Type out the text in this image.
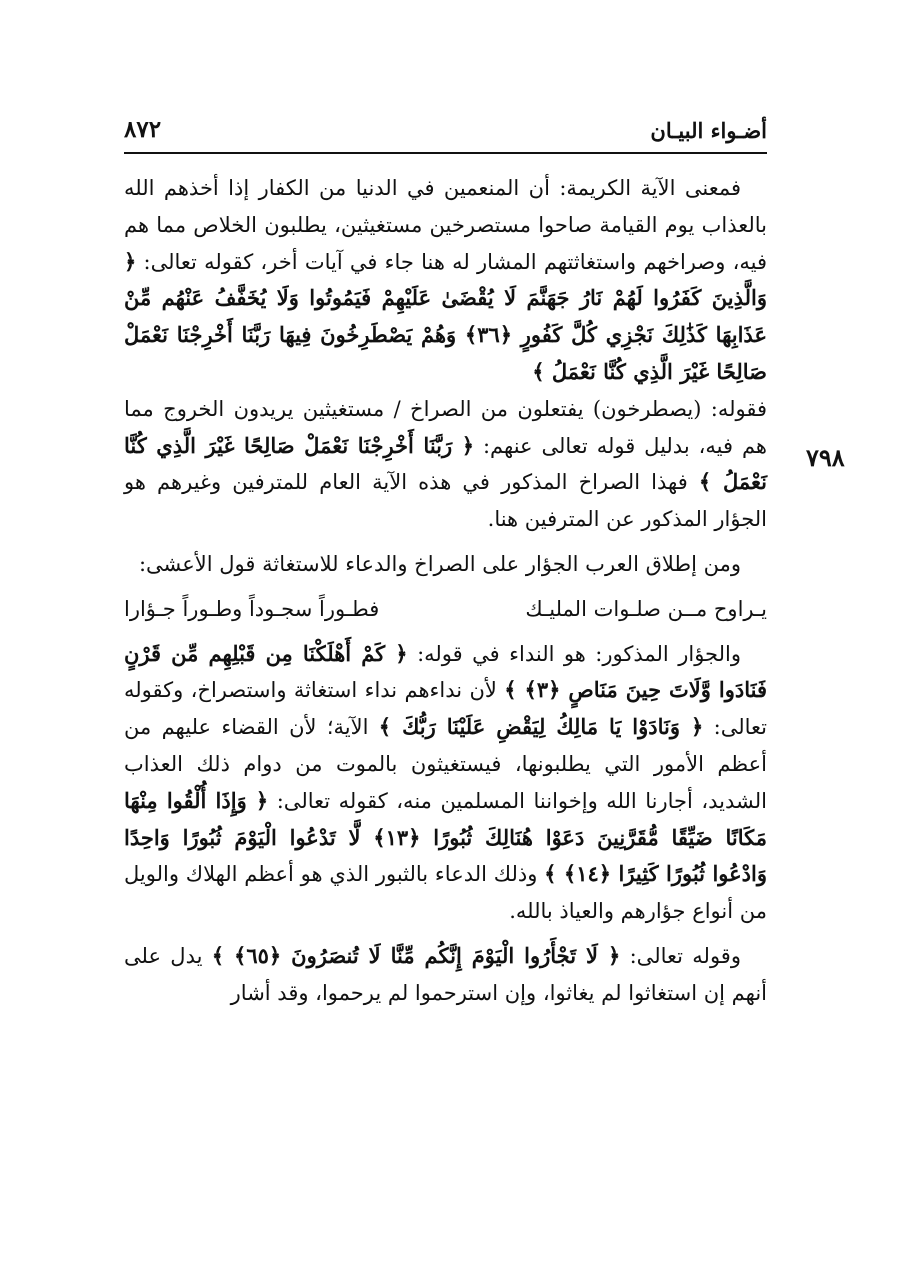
أضـواء البيـان
٨٧٢
٧٩٨

فمعنى الآية الكريمة: أن المنعمين في الدنيا من الكفار إذا أخذهم الله بالعذاب يوم القيامة صاحوا مستصرخين مستغيثين، يطلبون الخلاص مما هم فيه، وصراخهم واستغاثتهم المشار له هنا جاء في آيات أخر، كقوله تعالى: ﴿ وَالَّذِينَ كَفَرُوا لَهُمْ نَارُ جَهَنَّمَ لَا يُقْضَىٰ عَلَيْهِمْ فَيَمُوتُوا وَلَا يُخَفَّفُ عَنْهُم مِّنْ عَذَابِهَا كَذَٰلِكَ نَجْزِي كُلَّ كَفُورٍ ﴿٣٦﴾ وَهُمْ يَصْطَرِخُونَ فِيهَا رَبَّنَا أَخْرِجْنَا نَعْمَلْ صَالِحًا غَيْرَ الَّذِي كُنَّا نَعْمَلُ ﴾

فقوله: (يصطرخون) يفتعلون من الصراخ / مستغيثين يريدون الخروج مما هم فيه، بدليل قوله تعالى عنهم: ﴿ رَبَّنَا أَخْرِجْنَا نَعْمَلْ صَالِحًا غَيْرَ الَّذِي كُنَّا نَعْمَلُ ﴾ فهذا الصراخ المذكور في هذه الآية العام للمترفين وغيرهم هو الجؤار المذكور عن المترفين هنا.

ومن إطلاق العرب الجؤار على الصراخ والدعاء للاستغاثة قول الأعشى:

يـراوح مــن صلـوات المليـك
فطـوراً سجـوداً وطـوراً جـؤارا

والجؤار المذكور: هو النداء في قوله: ﴿ كَمْ أَهْلَكْنَا مِن قَبْلِهِم مِّن قَرْنٍ فَنَادَوا وَّلَاتَ حِينَ مَنَاصٍ ﴿٣﴾ ﴾ لأن نداءهم نداء استغاثة واستصراخ، وكقوله تعالى: ﴿ وَنَادَوْا يَا مَالِكُ لِيَقْضِ عَلَيْنَا رَبُّكَ ﴾ الآية؛ لأن القضاء عليهم من أعظم الأمور التي يطلبونها، فيستغيثون بالموت من دوام ذلك العذاب الشديد، أجارنا الله وإخواننا المسلمين منه، كقوله تعالى: ﴿ وَإِذَا أُلْقُوا مِنْهَا مَكَانًا ضَيِّقًا مُّقَرَّنِينَ دَعَوْا هُنَالِكَ ثُبُورًا ﴿١٣﴾ لَّا تَدْعُوا الْيَوْمَ ثُبُورًا وَاحِدًا وَادْعُوا ثُبُورًا كَثِيرًا ﴿١٤﴾ ﴾ وذلك الدعاء بالثبور الذي هو أعظم الهلاك والويل من أنواع جؤارهم والعياذ بالله.

وقوله تعالى: ﴿ لَا تَجْأَرُوا الْيَوْمَ إِنَّكُم مِّنَّا لَا تُنصَرُونَ ﴿٦٥﴾ ﴾ يدل على أنهم إن استغاثوا لم يغاثوا، وإن استرحموا لم يرحموا، وقد أشار
